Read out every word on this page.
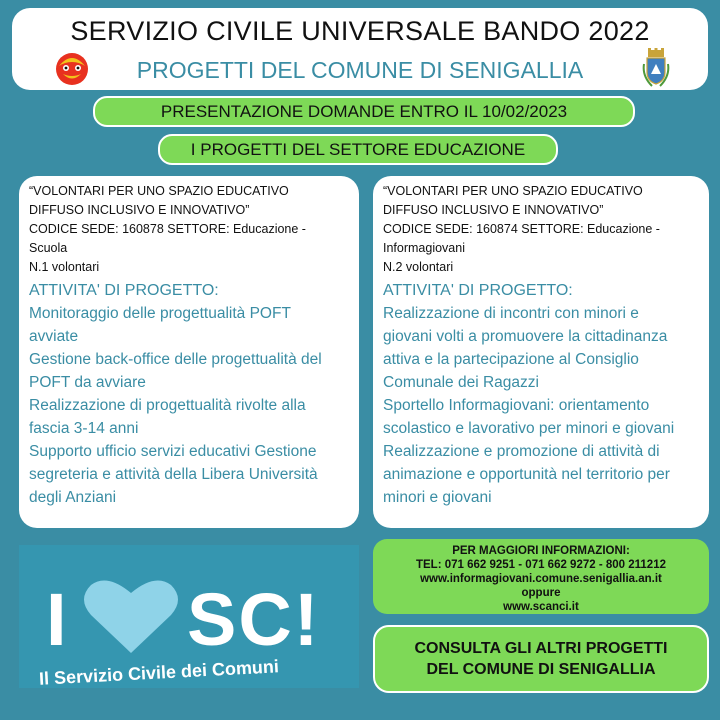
SERVIZIO CIVILE UNIVERSALE BANDO 2022
PROGETTI DEL COMUNE DI SENIGALLIA
PRESENTAZIONE DOMANDE ENTRO IL 10/02/2023
I PROGETTI DEL SETTORE EDUCAZIONE
“VOLONTARI PER UNO SPAZIO EDUCATIVO
DIFFUSO INCLUSIVO E INNOVATIVO”
CODICE SEDE: 160878 SETTORE: Educazione -
Scuola
N.1 volontari
ATTIVITA' DI PROGETTO:
Monitoraggio delle progettualità POFT
avviate
Gestione back-office delle progettualità del
POFT da avviare
Realizzazione di progettualità rivolte alla
fascia 3-14 anni
Supporto ufficio servizi educativi Gestione
segreteria e attività della Libera Università
degli Anziani
“VOLONTARI PER UNO SPAZIO EDUCATIVO
DIFFUSO INCLUSIVO E INNOVATIVO”
CODICE SEDE: 160874 SETTORE: Educazione -
Informagiovani
N.2 volontari
ATTIVITA' DI PROGETTO:
Realizzazione di incontri con minori e
giovani volti a promuovere la cittadinanza
attiva e la partecipazione al Consiglio
Comunale dei Ragazzi
Sportello Informagiovani: orientamento
scolastico e lavorativo per minori e giovani
Realizzazione e promozione di attività di
animazione e opportunità nel territorio per
minori e giovani
I SC!
Il Servizio Civile dei Comuni
PER MAGGIORI INFORMAZIONI:
TEL: 071 662 9251 - 071 662 9272 - 800 211212
www.informagiovani.comune.senigallia.an.it
oppure
www.scanci.it
CONSULTA GLI ALTRI PROGETTI
DEL COMUNE DI SENIGALLIA
